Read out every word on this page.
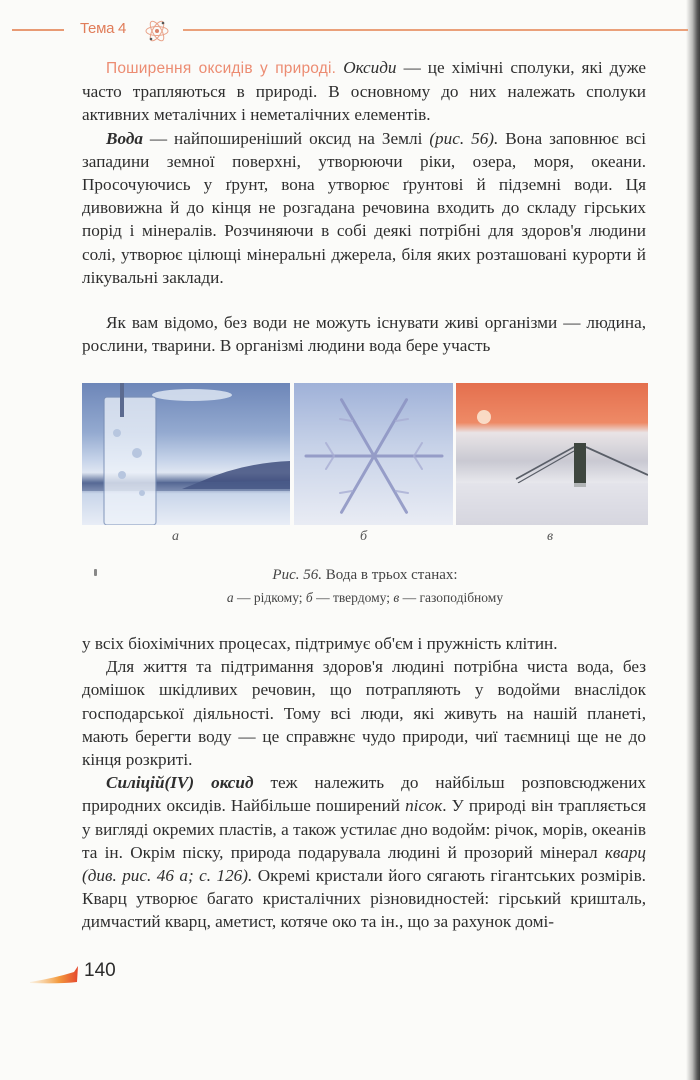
Тема 4

Поширення оксидів у природі. Оксиди — це хімічні сполуки, які дуже часто трапляються в природі. В основному до них належать сполуки активних металічних і неметалічних елементів.

Вода — найпоширеніший оксид на Землі (рис. 56). Вона заповнює всі западини земної поверхні, утворюючи ріки, озера, моря, океани. Просочуючись у ґрунт, вона утворює ґрунтові й підземні води. Ця дивовижна й до кінця не розгадана речовина входить до складу гірських порід і мінералів. Розчиняючи в собі деякі потрібні для здоров'я людини солі, утворює цілющі мінеральні джерела, біля яких розташовані курорти й лікувальні заклади.

Як вам відомо, без води не можуть існувати живі організми — людина, рослини, тварини. В організмі людини вода бере участь

а	б	в
Рис. 56. Вода в трьох станах:
а — рідкому; б — твердому; в — газоподібному

у всіх біохімічних процесах, підтримує об'єм і пружність клітин.

Для життя та підтримання здоров'я людині потрібна чиста вода, без домішок шкідливих речовин, що потрапляють у водойми внаслідок господарської діяльності. Тому всі люди, які живуть на нашій планеті, мають берегти воду — це справжнє чудо природи, чиї таємниці ще не до кінця розкриті.

Силіцій(IV) оксид теж належить до найбільш розповсюджених природних оксидів. Найбільше поширений пісок. У природі він трапляється у вигляді окремих пластів, а також устилає дно водойм: річок, морів, океанів та ін. Окрім піску, природа подарувала людині й прозорий мінерал кварц (див. рис. 46 а; с. 126). Окремі кристали його сягають гігантських розмірів. Кварц утворює багато кристалічних різновидностей: гірський кришталь, димчастий кварц, аметист, котяче око та ін., що за рахунок домі-

140
